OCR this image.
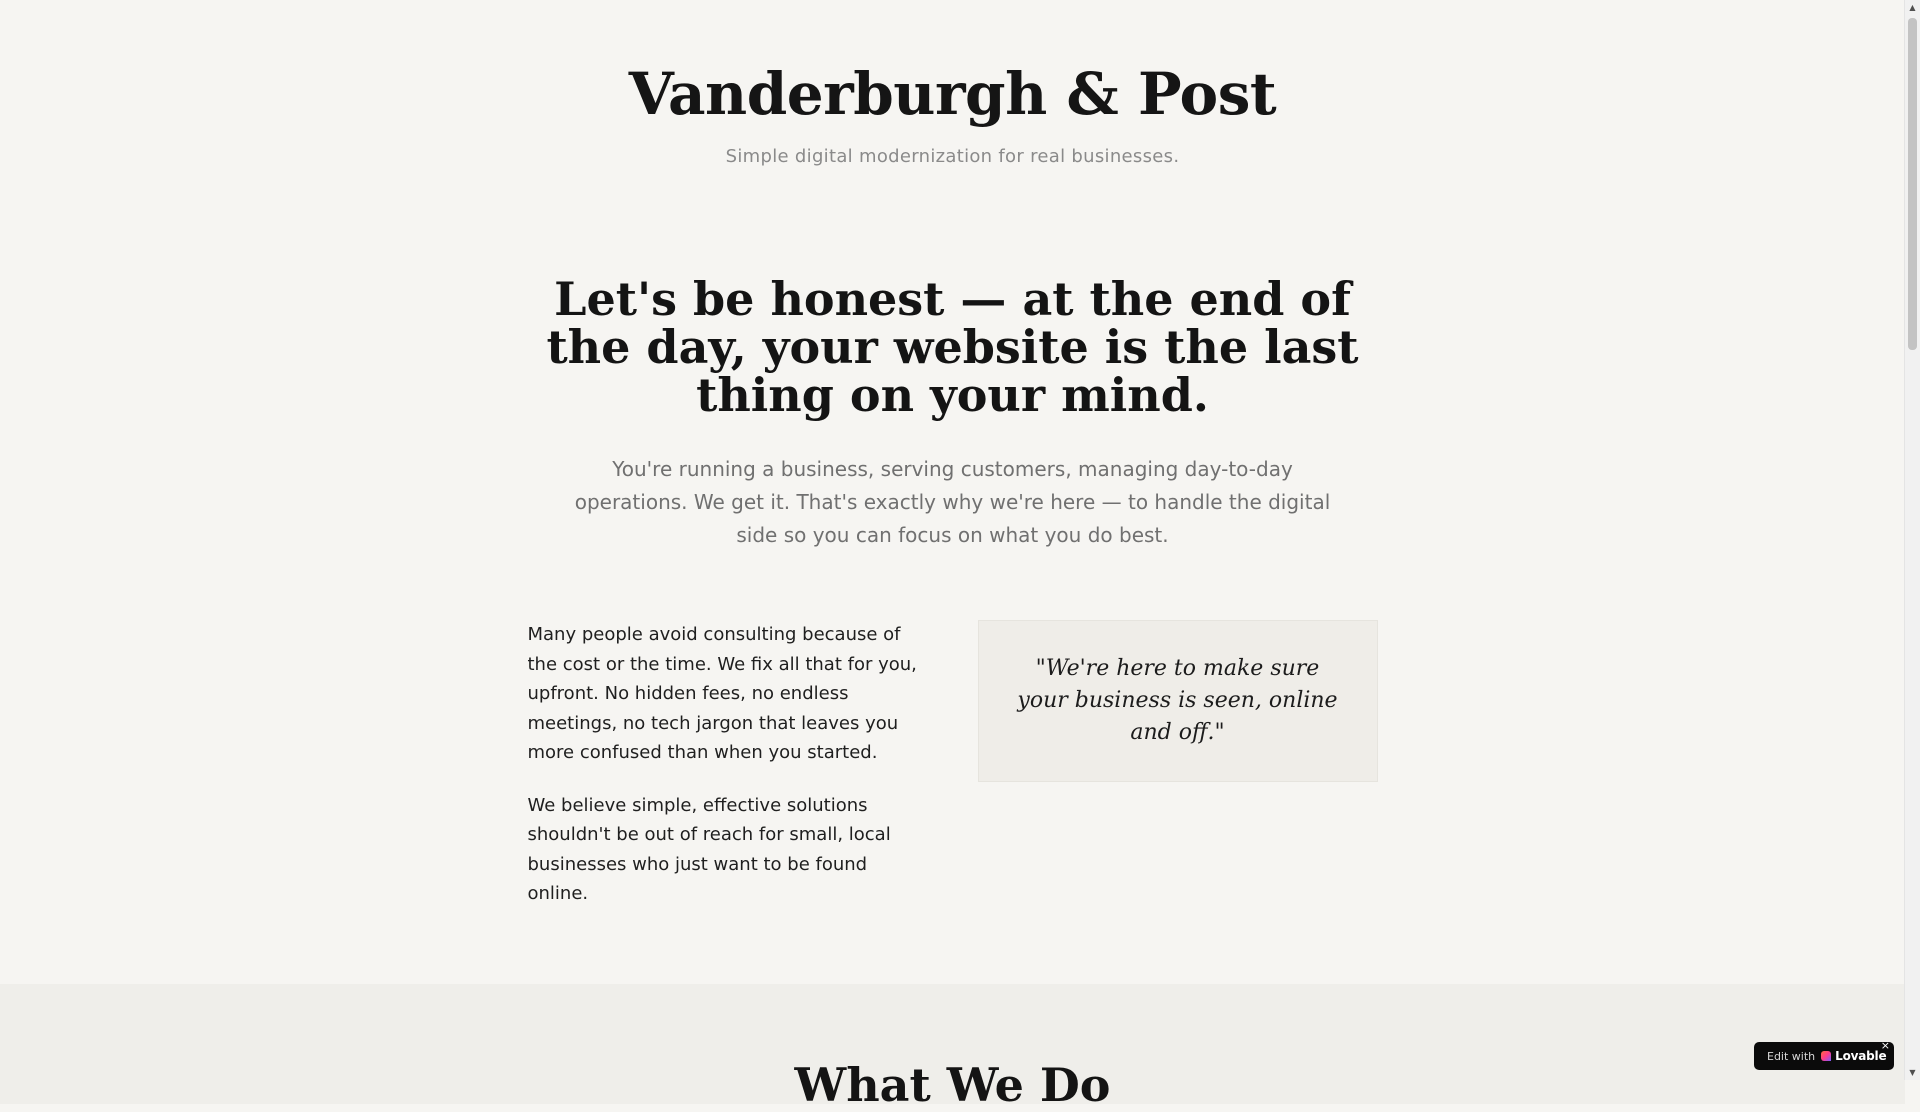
Vanderburgh & Post
Simple digital modernization for real businesses.
Let's be honest — at the end of the day, your website is the last thing on your mind.

You're running a business, serving customers, managing day-to-day operations. We get it. That's exactly why we're here — to handle the digital side so you can focus on what you do best.

Many people avoid consulting because of the cost or the time. We fix all that for you, upfront. No hidden fees, no endless meetings, no tech jargon that leaves you more confused than when you started.

We believe simple, effective solutions shouldn't be out of reach for small, local businesses who just want to be found online.

"We're here to make sure your business is seen, online and off."
What We Do
▲
▼
Edit with Lovable
×
